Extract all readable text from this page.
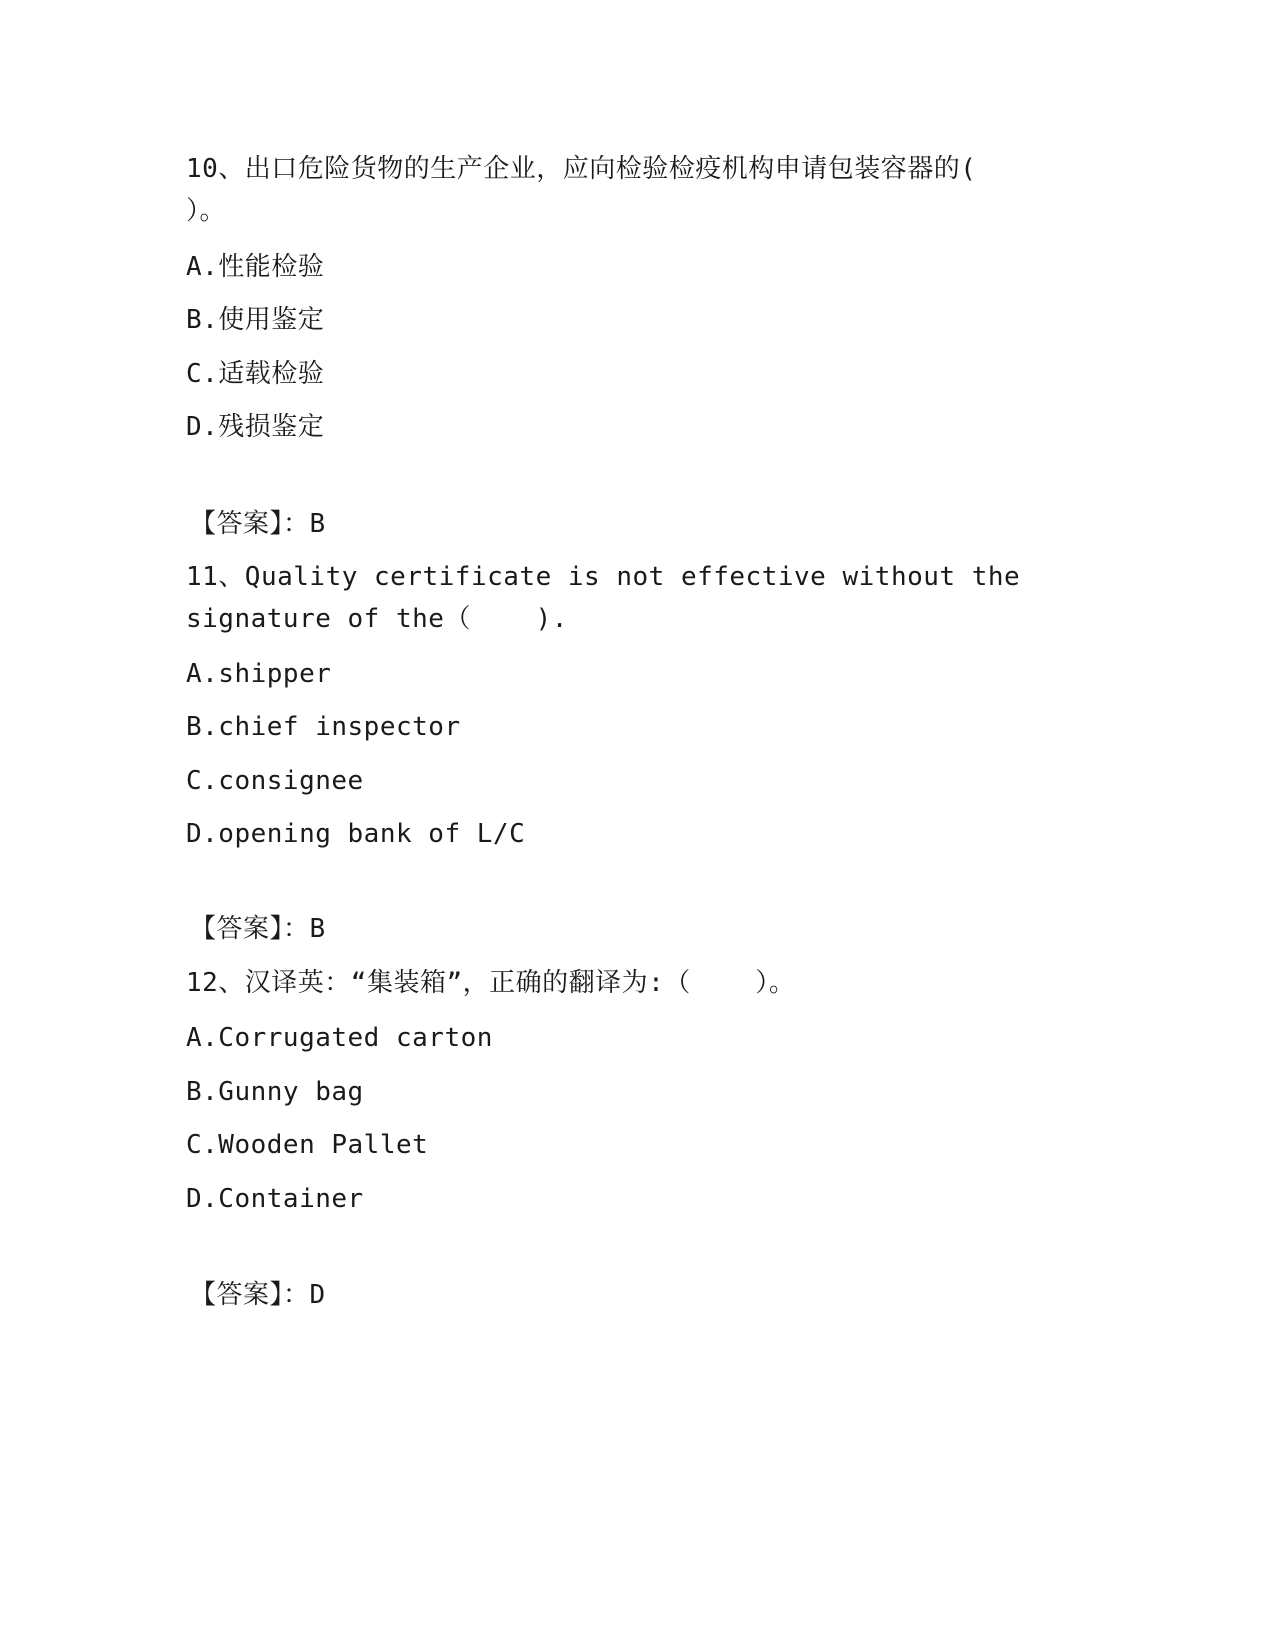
10、出口危险货物的生产企业，应向检验检疫机构申请包装容器的(
）。
A.性能检验
B.使用鉴定
C.适载检验
D.残损鉴定
【答案】：B
11、Quality certificate is not effective without the
signature of the（    ).
A.shipper
B.chief inspector
C.consignee
D.opening bank of L/C
【答案】：B
12、汉译英：“集装箱”，正确的翻译为:（    ）。
A.Corrugated carton
B.Gunny bag
C.Wooden Pallet
D.Container
【答案】：D
